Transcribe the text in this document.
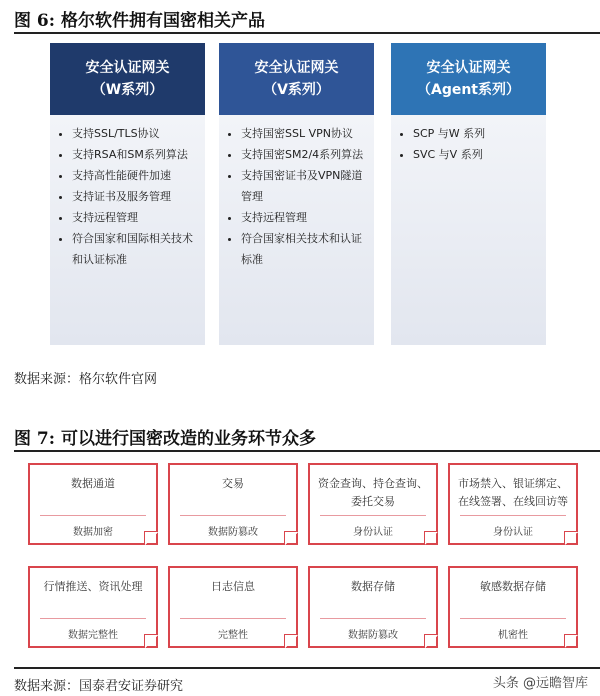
图 6: 格尔软件拥有国密相关产品
安全认证网关
（W系列）
• 支持SSL/TLS协议
• 支持RSA和SM系列算法
• 支持高性能硬件加速
• 支持证书及服务管理
• 支持远程管理
• 符合国家和国际相关技术和认证标准
安全认证网关
（V系列）
• 支持国密SSL VPN协议
• 支持国密SM2/4系列算法
• 支持国密证书及VPN隧道管理
• 支持远程管理
• 符合国家相关技术和认证标准
安全认证网关
（Agent系列）
• SCP 与W 系列
• SVC 与V 系列
数据来源：格尔软件官网
图 7: 可以进行国密改造的业务环节众多
数据通道
数据加密
交易
数据防篡改
资金查询、持仓查询、委托交易
身份认证
市场禁入、银证绑定、在线签署、在线回访等
身份认证
行情推送、资讯处理
数据完整性
日志信息
完整性
数据存储
数据防篡改
敏感数据存储
机密性
数据来源：国泰君安证券研究	头条 @远瞻智库
